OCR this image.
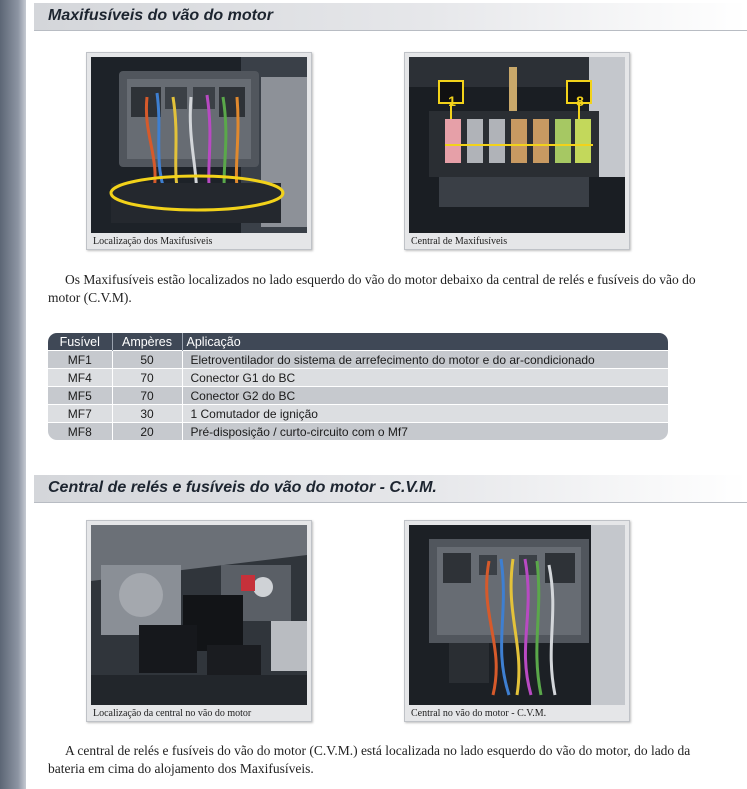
Maxifusíveis do vão do motor
Localização dos Maxifusíveis
1	8
Central de Maxifusíveis

Os Maxifusíveis estão localizados no lado esquerdo do vão do motor debaixo da central de relés e fusíveis do vão do motor (C.V.M).

Fusível	Ampères	Aplicação
MF1	50	Eletroventilador do sistema de arrefecimento do motor e do ar-condicionado
MF4	70	Conector G1 do BC
MF5	70	Conector G2 do BC
MF7	30	1 Comutador de ignição
MF8	20	Pré-disposição / curto-circuito com o Mf7
Central de relés e fusíveis do vão do motor - C.V.M.
Localização da central no vão do motor	Central no vão do motor - C.V.M.

A central de relés e fusíveis do vão do motor (C.V.M.) está localizada no lado esquerdo do vão do motor, do lado da bateria em cima do alojamento dos Maxifusíveis.
